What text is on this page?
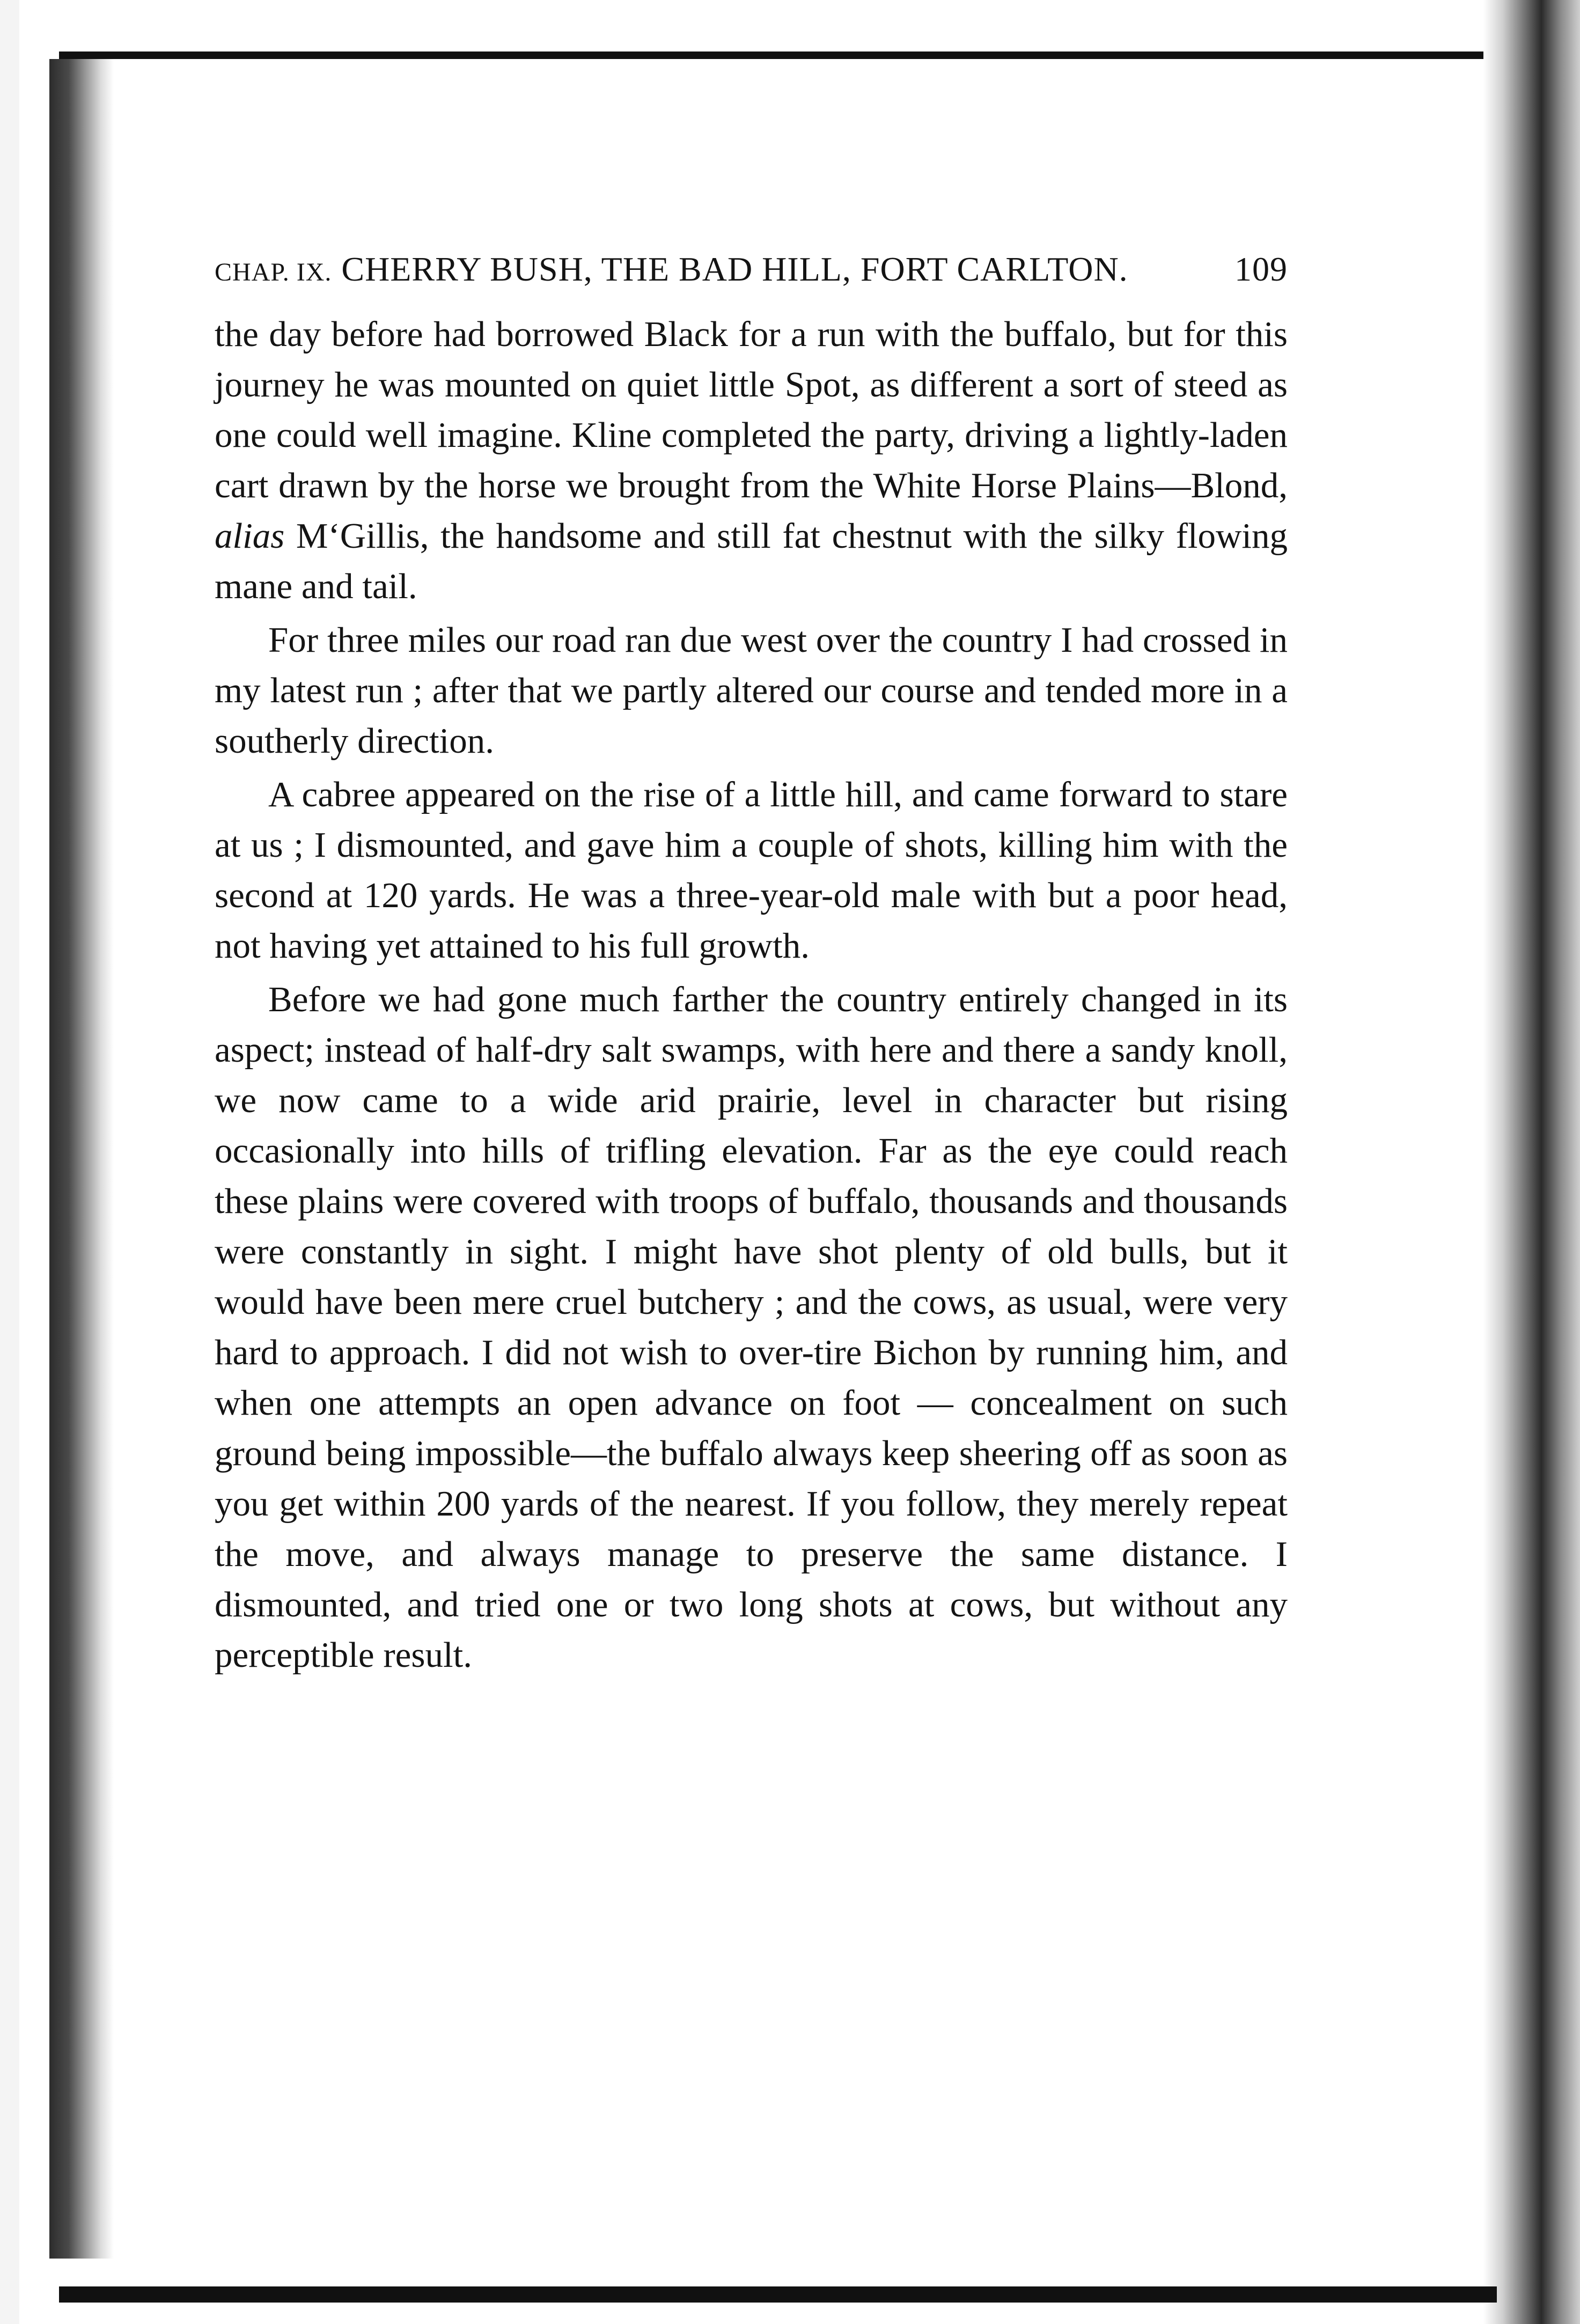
CHAP. IX. CHERRY BUSH, THE BAD HILL, FORT CARLTON.	109

the day before had borrowed Black for a run with the buffalo, but for this journey he was mounted on quiet little Spot, as different a sort of steed as one could well imagine. Kline completed the party, driving a lightly-laden cart drawn by the horse we brought from the White Horse Plains—Blond, alias M‘Gillis, the handsome and still fat chestnut with the silky flowing mane and tail.

For three miles our road ran due west over the country I had crossed in my latest run ; after that we partly altered our course and tended more in a southerly direction.

A cabree appeared on the rise of a little hill, and came forward to stare at us ; I dismounted, and gave him a couple of shots, killing him with the second at 120 yards. He was a three-year-old male with but a poor head, not having yet attained to his full growth.

Before we had gone much farther the country entirely changed in its aspect; instead of half-dry salt swamps, with here and there a sandy knoll, we now came to a wide arid prairie, level in character but rising occasionally into hills of trifling elevation. Far as the eye could reach these plains were covered with troops of buffalo, thousands and thousands were constantly in sight. I might have shot plenty of old bulls, but it would have been mere cruel butchery ; and the cows, as usual, were very hard to approach. I did not wish to over-tire Bichon by running him, and when one attempts an open advance on foot — concealment on such ground being impossible—the buffalo always keep sheering off as soon as you get within 200 yards of the nearest. If you follow, they merely repeat the move, and always manage to preserve the same distance. I dismounted, and tried one or two long shots at cows, but without any perceptible result.
